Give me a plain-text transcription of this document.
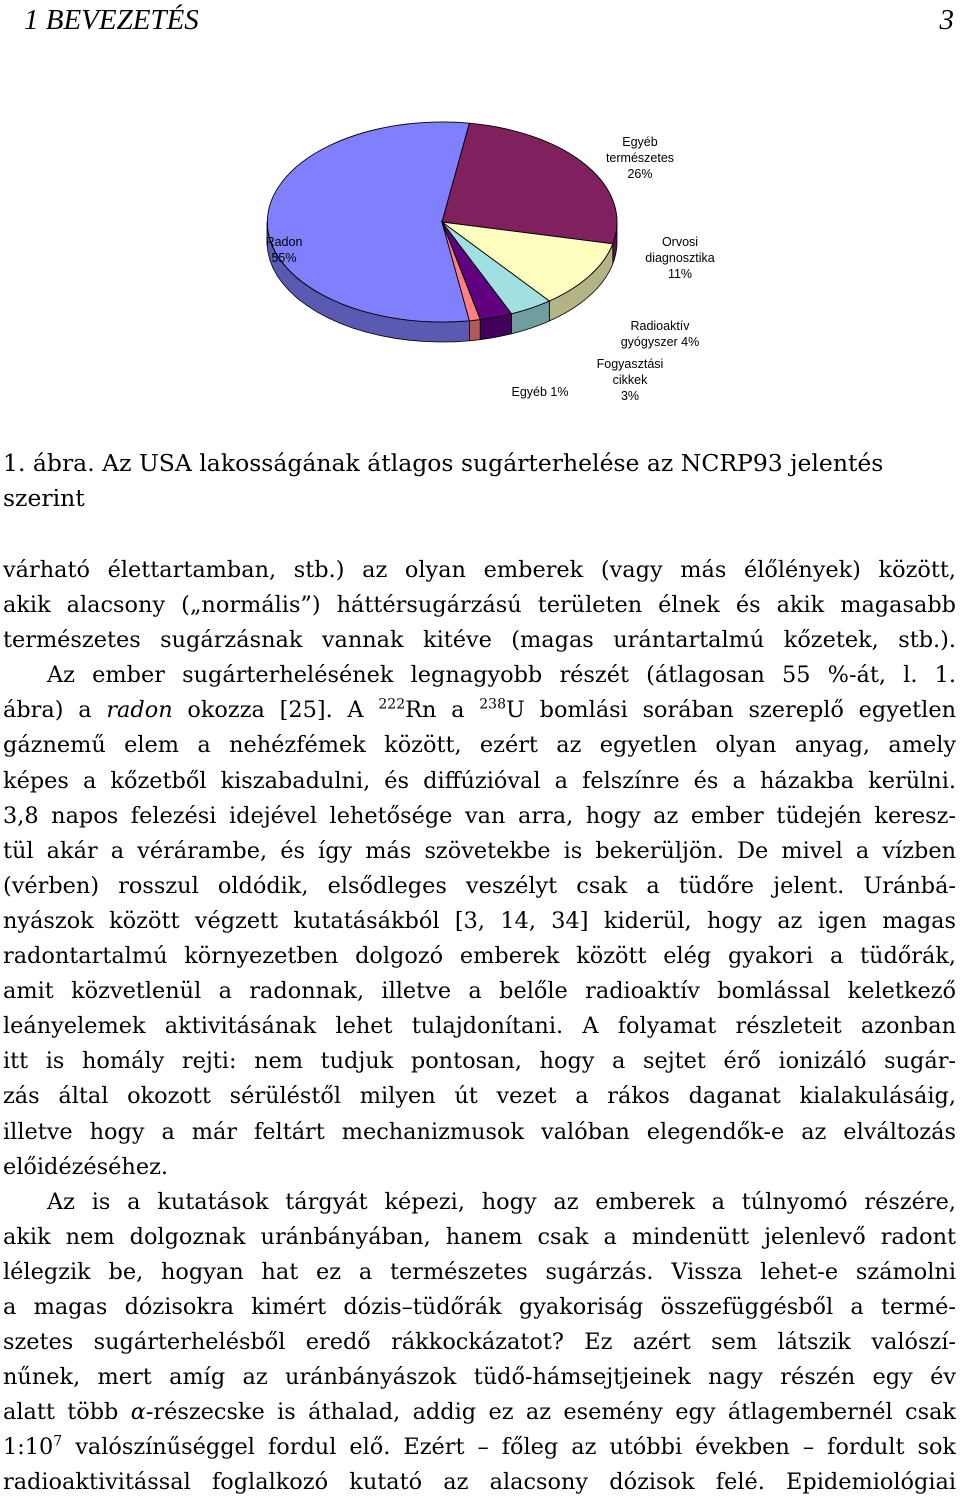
1 BEVEZETÉS	3
Radon 55%
Egyéb természetes 26%
Orvosi diagnosztika 11%
Radioaktív gyógyszer 4%
Fogyasztási cikkek 3%
Egyéb 1%
1. ábra. Az USA lakosságának átlagos sugárterhelése az NCRP93 jelentés szerint

várható élettartamban, stb.) az olyan emberek (vagy más élőlények) között,

akik alacsony („normális”) háttérsugárzású területen élnek és akik magasabb

természetes sugárzásnak vannak kitéve (magas urántartalmú kőzetek, stb.).

Az ember sugárterhelésének legnagyobb részét (átlagosan 55 %-át, l. 1.

ábra) a radon okozza [25]. A $^{222}$Rn a $^{238}$U bomlási sorában szereplő egyetlen

gáznemű elem a nehézfémek között, ezért az egyetlen olyan anyag, amely

képes a kőzetből kiszabadulni, és diffúzióval a felszínre és a házakba kerülni.

3,8 napos felezési idejével lehetősége van arra, hogy az ember tüdején keresz-

tül akár a vérárambe, és így más szövetekbe is bekerüljön. De mivel a vízben

(vérben) rosszul oldódik, elsődleges veszélyt csak a tüdőre jelent. Uránbá-

nyászok között végzett kutatásákból [3, 14, 34] kiderül, hogy az igen magas

radontartalmú környezetben dolgozó emberek között elég gyakori a tüdőrák,

amit közvetlenül a radonnak, illetve a belőle radioaktív bomlással keletkező

leányelemek aktivitásának lehet tulajdonítani. A folyamat részleteit azonban

itt is homály rejti: nem tudjuk pontosan, hogy a sejtet érő ionizáló sugár-

zás által okozott sérüléstől milyen út vezet a rákos daganat kialakulásáig,

illetve hogy a már feltárt mechanizmusok valóban elegendők-e az elváltozás

előidézéséhez.

Az is a kutatások tárgyát képezi, hogy az emberek a túlnyomó részére,

akik nem dolgoznak uránbányában, hanem csak a mindenütt jelenlevő radont

lélegzik be, hogyan hat ez a természetes sugárzás. Vissza lehet-e számolni

a magas dózisokra kimért dózis–tüdőrák gyakoriság összefüggésből a termé-

szetes sugárterhelésből eredő rákkockázatot? Ez azért sem látszik valószí-

nűnek, mert amíg az uránbányászok tüdő-hámsejtjeinek nagy részén egy év

alatt több α-részecske is áthalad, addig ez az esemény egy átlagembernél csak

$1:10^7$ valószínűséggel fordul elő. Ezért – főleg az utóbbi években – fordult sok

radioaktivitással foglalkozó kutató az alacsony dózisok felé. Epidemiológiai
